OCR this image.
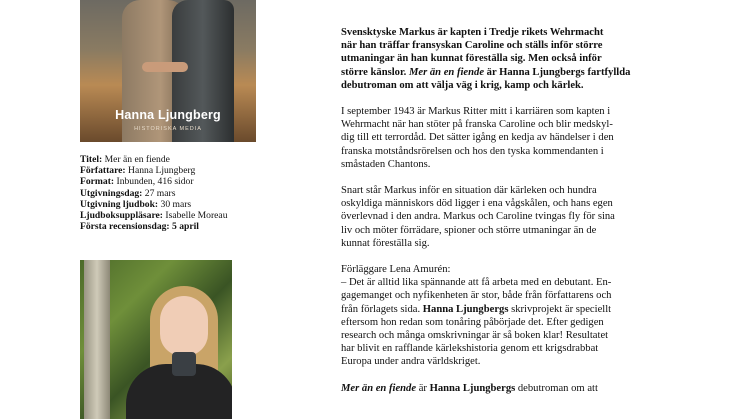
Hanna Ljungberg
HISTORISKA MEDIA
Titel: Mer än en fiende
Författare: Hanna Ljungberg
Format: Inbunden, 416 sidor
Utgivningsdag: 27 mars
Utgivning ljudbok: 30 mars
Ljudboksuppläsare: Isabelle Moreau
Första recensionsdag: 5 april

Svensktyske Markus är kapten i Tredje rikets Wehrmacht
när han träffar fransyskan Caroline och ställs inför större
utmaningar än han kunnat föreställa sig. Men också inför
större känslor. Mer än en fiende är Hanna Ljungbergs fartfyllda
debutroman om att välja väg i krig, kamp och kärlek.

I september 1943 är Markus Ritter mitt i karriären som kapten i
Wehrmacht när han stöter på franska Caroline och blir medskyl-
dig till ett terrordåd. Det sätter igång en kedja av händelser i den
franska motståndsrörelsen och hos den tyska kommendanten i
småstaden Chantons.

Snart står Markus inför en situation där kärleken och hundra
oskyldiga människors död ligger i ena vågskålen, och hans egen
överlevnad i den andra. Markus och Caroline tvingas fly för sina
liv och möter förrädare, spioner och större utmaningar än de
kunnat föreställa sig.

Förläggare Lena Amurén:
– Det är alltid lika spännande att få arbeta med en debutant. En-
gagemanget och nyfikenheten är stor, både från författarens och
från förlagets sida. Hanna Ljungbergs skrivprojekt är speciellt
eftersom hon redan som tonåring påbörjade det. Efter gedigen
research och många omskrivningar är så boken klar! Resultatet
har blivit en rafflande kärlekshistoria genom ett krigsdrabbat
Europa under andra världskriget.

Mer än en fiende är Hanna Ljungbergs debutroman om att
